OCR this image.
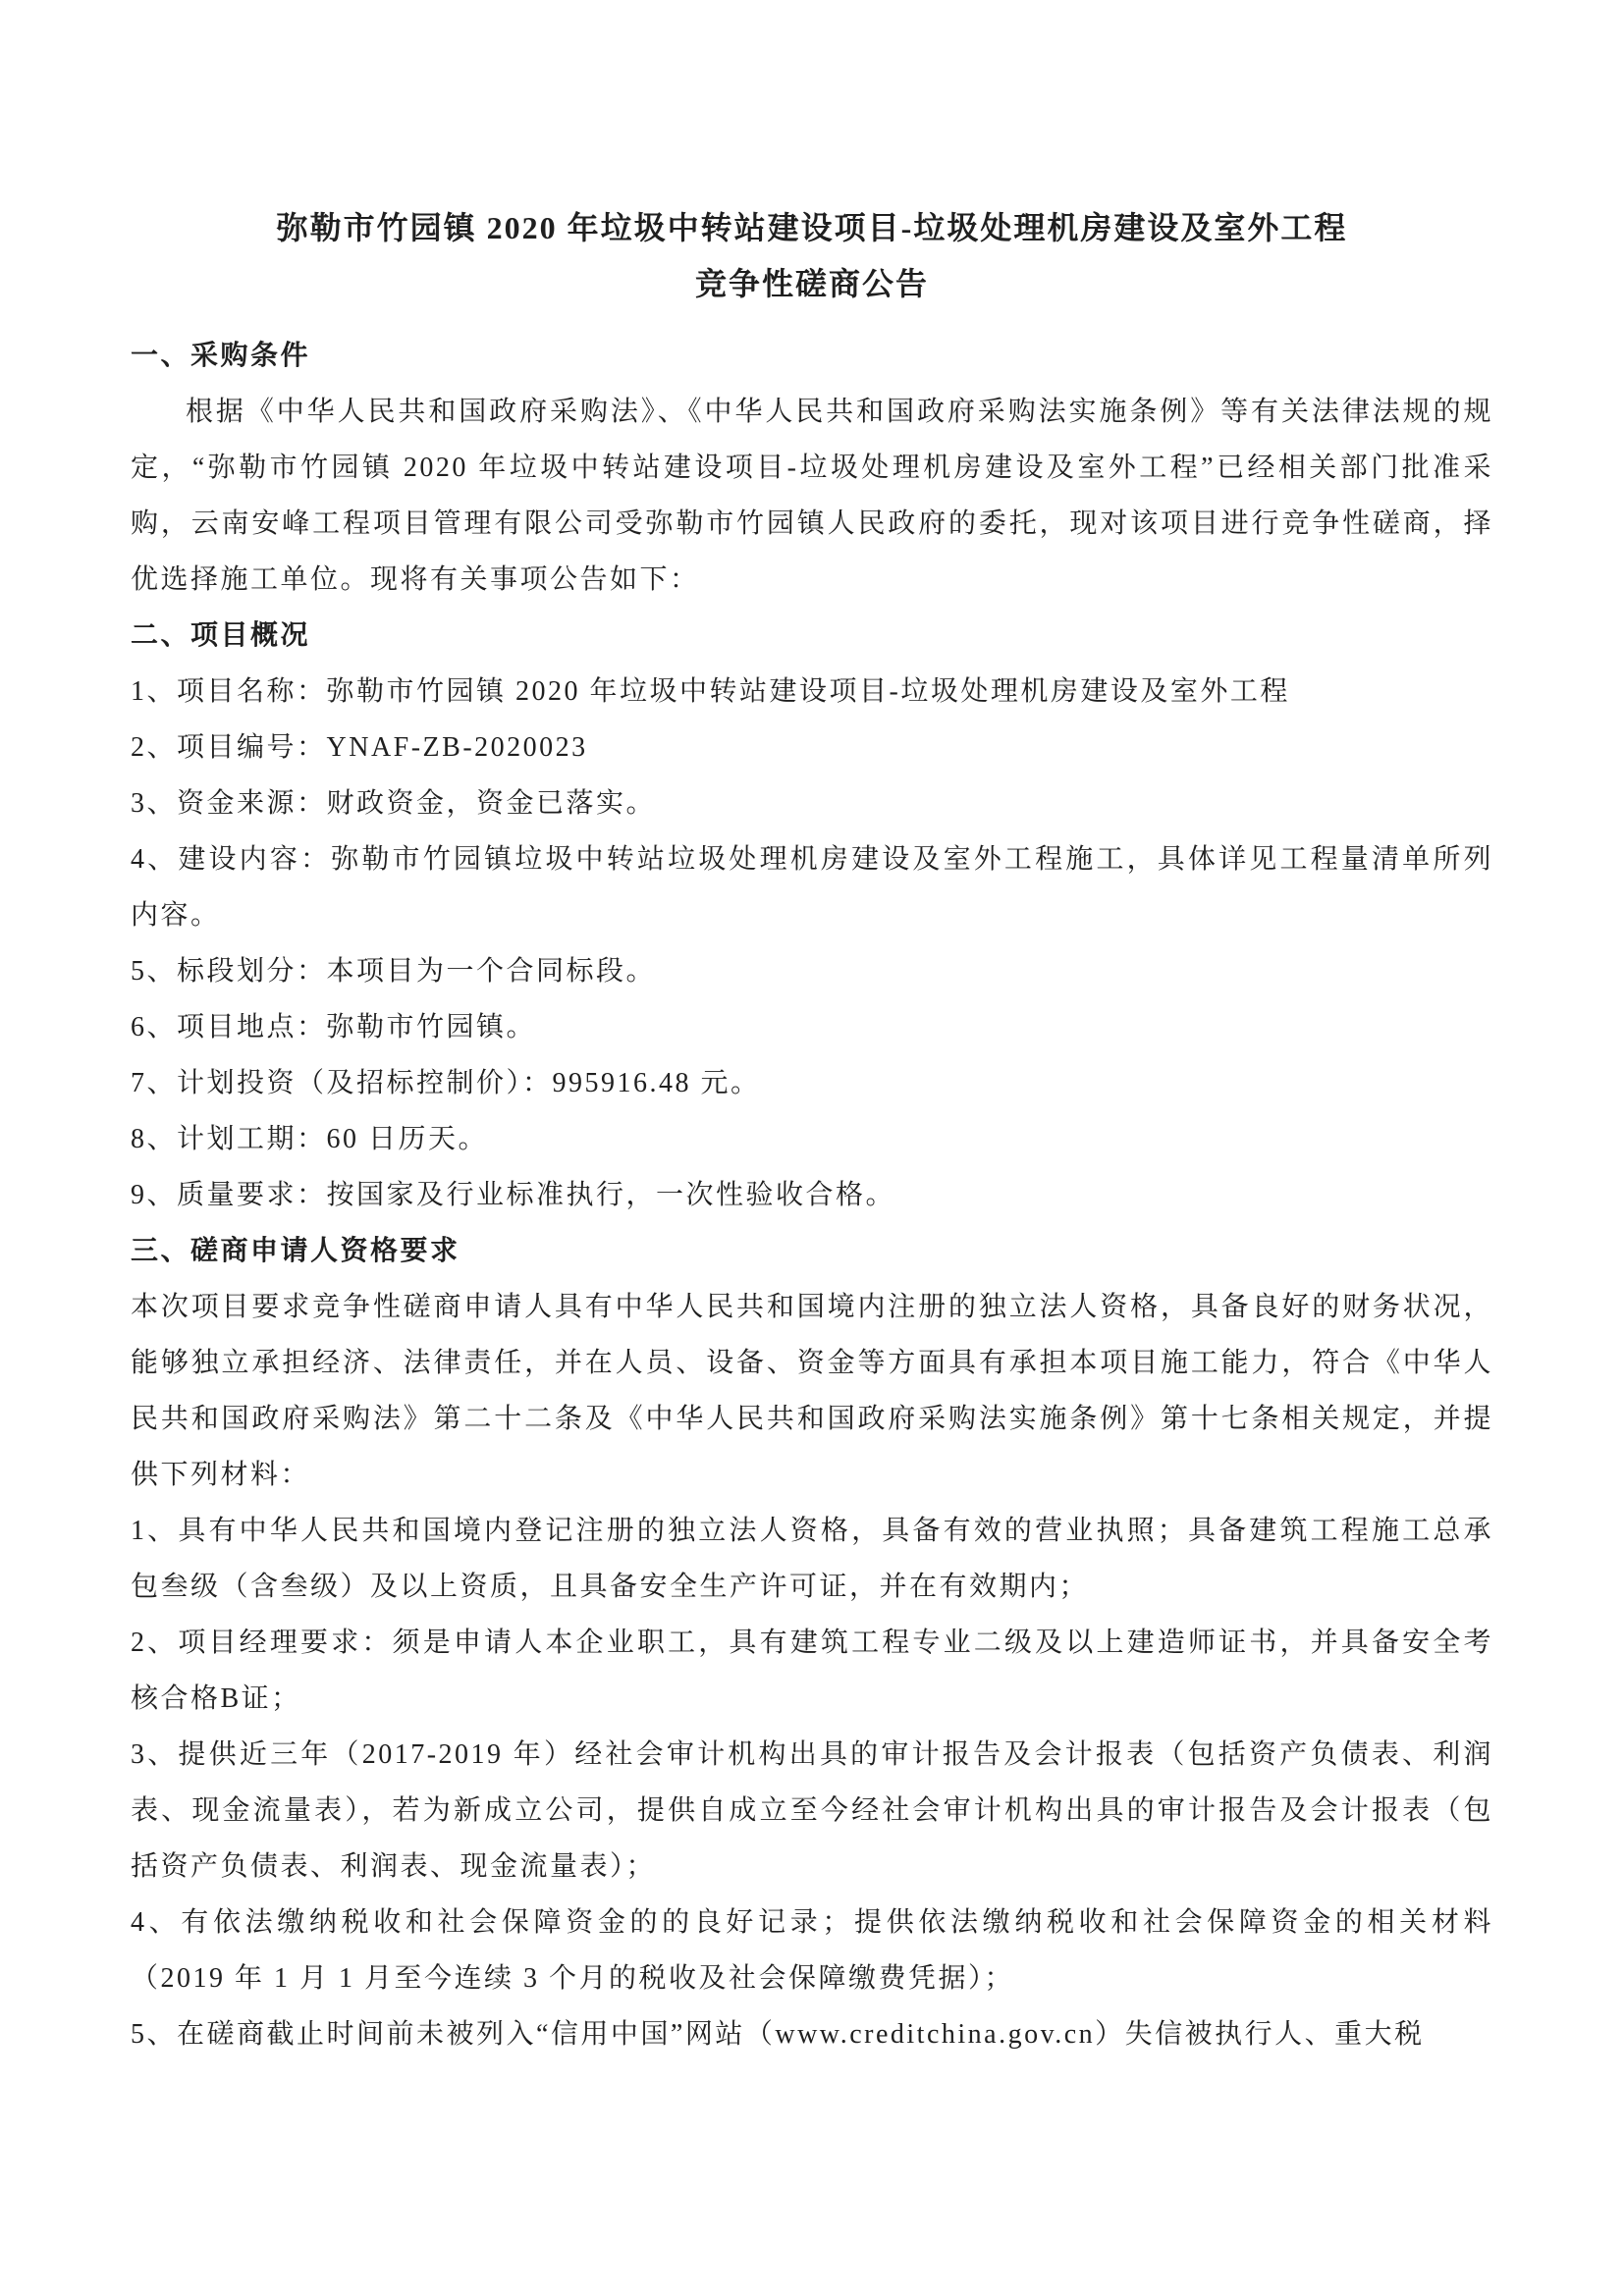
弥勒市竹园镇 2020 年垃圾中转站建设项目-垃圾处理机房建设及室外工程
竞争性磋商公告
一、采购条件
根据《中华人民共和国政府采购法》、《中华人民共和国政府采购法实施条例》等有关法律法规的规定，“弥勒市竹园镇 2020 年垃圾中转站建设项目-垃圾处理机房建设及室外工程”已经相关部门批准采购，云南安峰工程项目管理有限公司受弥勒市竹园镇人民政府的委托，现对该项目进行竞争性磋商，择优选择施工单位。现将有关事项公告如下：
二、项目概况
1、项目名称：弥勒市竹园镇 2020 年垃圾中转站建设项目-垃圾处理机房建设及室外工程
2、项目编号：YNAF-ZB-2020023
3、资金来源：财政资金，资金已落实。
4、建设内容：弥勒市竹园镇垃圾中转站垃圾处理机房建设及室外工程施工，具体详见工程量清单所列内容。
5、标段划分：本项目为一个合同标段。
6、项目地点：弥勒市竹园镇。
7、计划投资（及招标控制价）：995916.48 元。
8、计划工期：60 日历天。
9、质量要求：按国家及行业标准执行，一次性验收合格。
三、磋商申请人资格要求
本次项目要求竞争性磋商申请人具有中华人民共和国境内注册的独立法人资格，具备良好的财务状况，能够独立承担经济、法律责任，并在人员、设备、资金等方面具有承担本项目施工能力，符合《中华人民共和国政府采购法》第二十二条及《中华人民共和国政府采购法实施条例》第十七条相关规定，并提供下列材料：
1、具有中华人民共和国境内登记注册的独立法人资格，具备有效的营业执照；具备建筑工程施工总承包叁级（含叁级）及以上资质，且具备安全生产许可证，并在有效期内；
2、项目经理要求：须是申请人本企业职工，具有建筑工程专业二级及以上建造师证书，并具备安全考核合格B证；
3、提供近三年（2017-2019 年）经社会审计机构出具的审计报告及会计报表（包括资产负债表、利润表、现金流量表），若为新成立公司，提供自成立至今经社会审计机构出具的审计报告及会计报表（包括资产负债表、利润表、现金流量表）；
4、有依法缴纳税收和社会保障资金的的良好记录；提供依法缴纳税收和社会保障资金的相关材料（2019 年 1 月 1 月至今连续 3 个月的税收及社会保障缴费凭据）；
5、在磋商截止时间前未被列入“信用中国”网站（www.creditchina.gov.cn）失信被执行人、重大税
